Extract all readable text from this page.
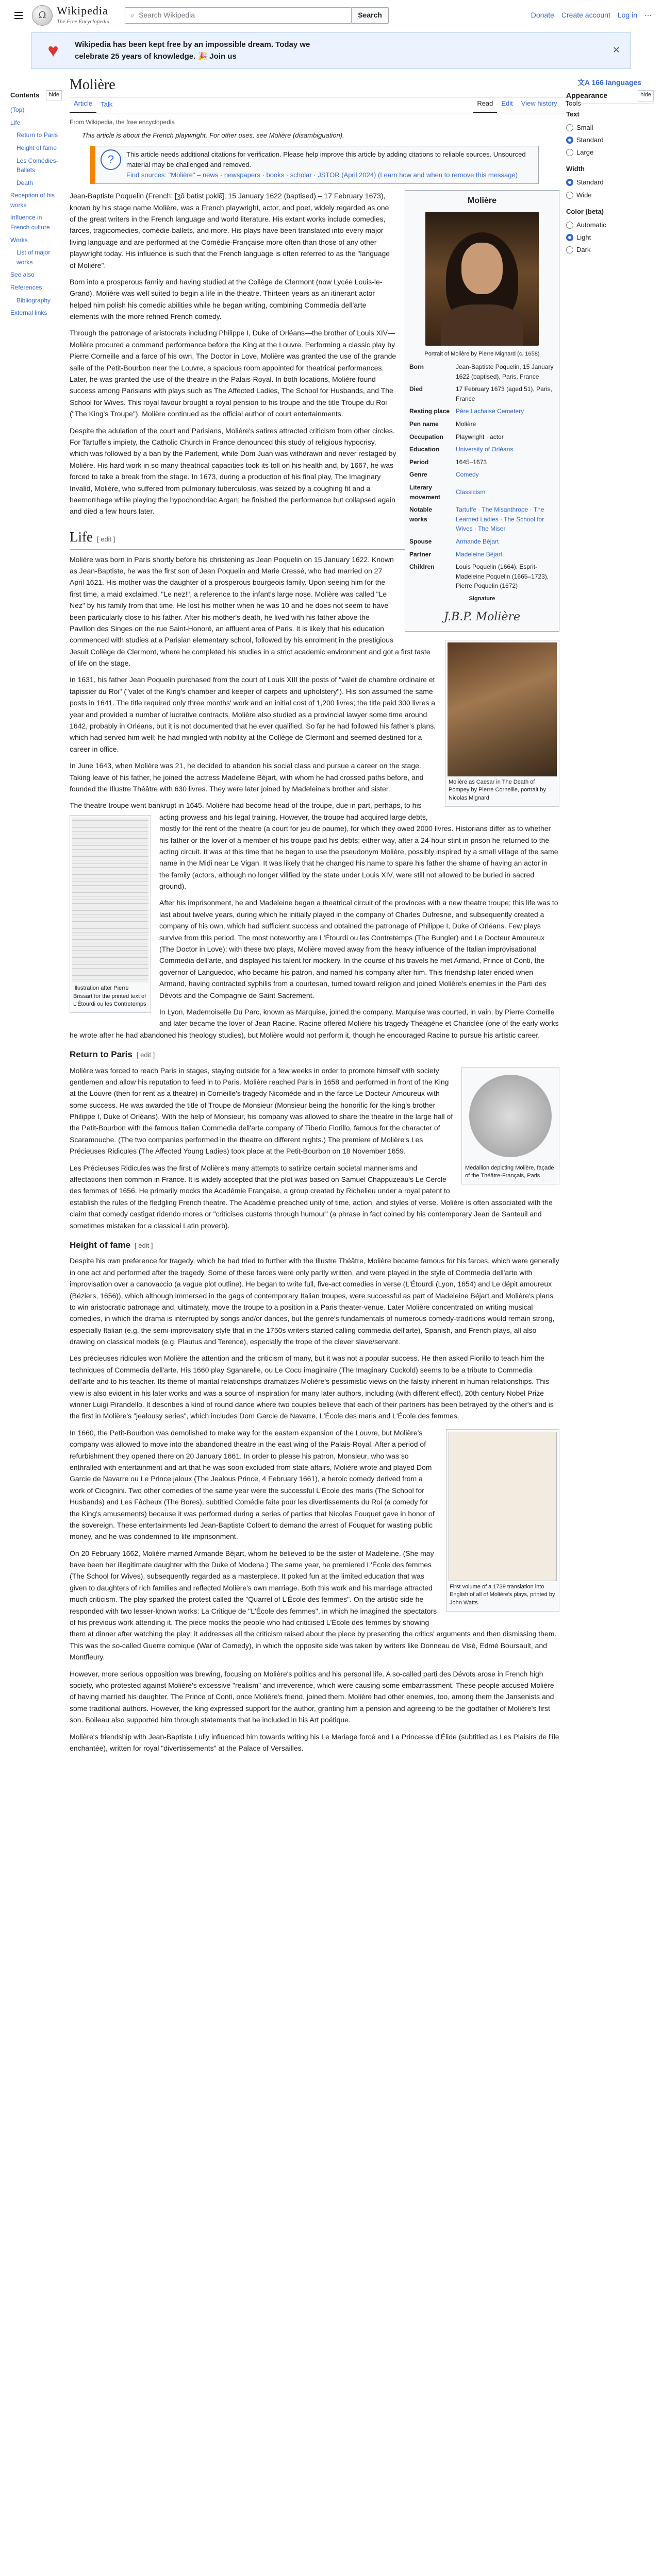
Ω Wikipedia
The Free Encyclopedia
⌕ Search Wikipedia	Search	Donate Create account Log in ⋯
♥	Wikipedia has been kept free by an impossible dream. Today we
celebrate 25 years of knowledge. 🎉 Join us
✕
Contents	hide
(Top)
Life
Return to Paris
Height of fame
Les Comédies-Ballets
Death
Reception of his works
Influence in French culture
Works
List of major works
See also
References
Bibliography
External links
Molière	文A 166 languages
Article	Talk	Read	Edit	View history	Tools
Appearance	hide
Text
Small
Standard
Large
Width
Standard
Wide
Color (beta)
Automatic
Light
Dark
From Wikipedia, the free encyclopedia
This article is about the French playwright. For other uses, see Molière (disambiguation).
?	This article needs additional citations for verification. Please help improve this article by adding citations to reliable sources. Unsourced material may be challenged and removed.
Find sources: "Molière" – news · newspapers · books · scholar · JSTOR (April 2024) (Learn how and when to remove this message)
Molière
Portrait of Molière by Pierre Mignard (c. 1658)
Born	Jean-Baptiste Poquelin, 15 January 1622 (baptised), Paris, France
Died	17 February 1673 (aged 51), Paris, France
Resting place	Père Lachaise Cemetery
Pen name	Molière
Occupation	Playwright · actor
Education	University of Orléans
Period	1645–1673
Genre	Comedy
Literary movement	Classicism
Notable works	Tartuffe · The Misanthrope · The Learned Ladies · The School for Wives · The Miser
Spouse	Armande Béjart
Partner	Madeleine Béjart
Children	Louis Poquelin (1664), Esprit-Madeleine Poquelin (1665–1723), Pierre Poquelin (1672)
Signature
J.B.P. Molière

Jean-Baptiste Poquelin (French: [ʒɑ̃ batist pɔklɛ̃]; 15 January 1622 (baptised) – 17 February 1673), known by his stage name Molière, was a French playwright, actor, and poet, widely regarded as one of the great writers in the French language and world literature. His extant works include comedies, farces, tragicomedies, comédie-ballets, and more. His plays have been translated into every major living language and are performed at the Comédie-Française more often than those of any other playwright today. His influence is such that the French language is often referred to as the "language of Molière".

Born into a prosperous family and having studied at the Collège de Clermont (now Lycée Louis-le-Grand), Molière was well suited to begin a life in the theatre. Thirteen years as an itinerant actor helped him polish his comedic abilities while he began writing, combining Commedia dell'arte elements with the more refined French comedy.

Through the patronage of aristocrats including Philippe I, Duke of Orléans—the brother of Louis XIV—Molière procured a command performance before the King at the Louvre. Performing a classic play by Pierre Corneille and a farce of his own, The Doctor in Love, Molière was granted the use of the grande salle of the Petit-Bourbon near the Louvre, a spacious room appointed for theatrical performances. Later, he was granted the use of the theatre in the Palais-Royal. In both locations, Molière found success among Parisians with plays such as The Affected Ladies, The School for Husbands, and The School for Wives. This royal favour brought a royal pension to his troupe and the title Troupe du Roi ("The King's Troupe"). Molière continued as the official author of court entertainments.

Despite the adulation of the court and Parisians, Molière's satires attracted criticism from other circles. For Tartuffe's impiety, the Catholic Church in France denounced this study of religious hypocrisy, which was followed by a ban by the Parlement, while Dom Juan was withdrawn and never restaged by Molière. His hard work in so many theatrical capacities took its toll on his health and, by 1667, he was forced to take a break from the stage. In 1673, during a production of his final play, The Imaginary Invalid, Molière, who suffered from pulmonary tuberculosis, was seized by a coughing fit and a haemorrhage while playing the hypochondriac Argan; he finished the performance but collapsed again and died a few hours later.

Life [ edit ]
Molière as Caesar in The Death of Pompey by Pierre Corneille, portrait by Nicolas Mignard

Molière was born in Paris shortly before his christening as Jean Poquelin on 15 January 1622. Known as Jean-Baptiste, he was the first son of Jean Poquelin and Marie Cressé, who had married on 27 April 1621. His mother was the daughter of a prosperous bourgeois family. Upon seeing him for the first time, a maid exclaimed, "Le nez!", a reference to the infant's large nose. Molière was called "Le Nez" by his family from that time. He lost his mother when he was 10 and he does not seem to have been particularly close to his father. After his mother's death, he lived with his father above the Pavillon des Singes on the rue Saint-Honoré, an affluent area of Paris. It is likely that his education commenced with studies at a Parisian elementary school, followed by his enrolment in the prestigious Jesuit Collège de Clermont, where he completed his studies in a strict academic environment and got a first taste of life on the stage.

In 1631, his father Jean Poquelin purchased from the court of Louis XIII the posts of "valet de chambre ordinaire et tapissier du Roi" ("valet of the King's chamber and keeper of carpets and upholstery"). His son assumed the same posts in 1641. The title required only three months' work and an initial cost of 1,200 livres; the title paid 300 livres a year and provided a number of lucrative contracts. Molière also studied as a provincial lawyer some time around 1642, probably in Orléans, but it is not documented that he ever qualified. So far he had followed his father's plans, which had served him well; he had mingled with nobility at the Collège de Clermont and seemed destined for a career in office.

In June 1643, when Molière was 21, he decided to abandon his social class and pursue a career on the stage. Taking leave of his father, he joined the actress Madeleine Béjart, with whom he had crossed paths before, and founded the Illustre Théâtre with 630 livres. They were later joined by Madeleine's brother and sister.

Illustration after Pierre Brissart for the printed text of L'Étourdi ou les Contretemps

The theatre troupe went bankrupt in 1645. Molière had become head of the troupe, due in part, perhaps, to his acting prowess and his legal training. However, the troupe had acquired large debts, mostly for the rent of the theatre (a court for jeu de paume), for which they owed 2000 livres. Historians differ as to whether his father or the lover of a member of his troupe paid his debts; either way, after a 24-hour stint in prison he returned to the acting circuit. It was at this time that he began to use the pseudonym Molière, possibly inspired by a small village of the same name in the Midi near Le Vigan. It was likely that he changed his name to spare his father the shame of having an actor in the family (actors, although no longer vilified by the state under Louis XIV, were still not allowed to be buried in sacred ground).

After his imprisonment, he and Madeleine began a theatrical circuit of the provinces with a new theatre troupe; this life was to last about twelve years, during which he initially played in the company of Charles Dufresne, and subsequently created a company of his own, which had sufficient success and obtained the patronage of Philippe I, Duke of Orléans. Few plays survive from this period. The most noteworthy are L'Étourdi ou les Contretemps (The Bungler) and Le Docteur Amoureux (The Doctor in Love); with these two plays, Molière moved away from the heavy influence of the Italian improvisational Commedia dell'arte, and displayed his talent for mockery. In the course of his travels he met Armand, Prince of Conti, the governor of Languedoc, who became his patron, and named his company after him. This friendship later ended when Armand, having contracted syphilis from a courtesan, turned toward religion and joined Molière's enemies in the Parti des Dévots and the Compagnie de Saint Sacrement.

In Lyon, Mademoiselle Du Parc, known as Marquise, joined the company. Marquise was courted, in vain, by Pierre Corneille and later became the lover of Jean Racine. Racine offered Molière his tragedy Théagène et Chariclée (one of the early works he wrote after he had abandoned his theology studies), but Molière would not perform it, though he encouraged Racine to pursue his artistic career.

Return to Paris [ edit ]
Medallion depicting Molière, façade of the Théâtre-Français, Paris

Molière was forced to reach Paris in stages, staying outside for a few weeks in order to promote himself with society gentlemen and allow his reputation to feed in to Paris. Molière reached Paris in 1658 and performed in front of the King at the Louvre (then for rent as a theatre) in Corneille's tragedy Nicomède and in the farce Le Docteur Amoureux with some success. He was awarded the title of Troupe de Monsieur (Monsieur being the honorific for the king's brother Philippe I, Duke of Orléans). With the help of Monsieur, his company was allowed to share the theatre in the large hall of the Petit-Bourbon with the famous Italian Commedia dell'arte company of Tiberio Fiorillo, famous for the character of Scaramouche. (The two companies performed in the theatre on different nights.) The premiere of Molière's Les Précieuses Ridicules (The Affected Young Ladies) took place at the Petit-Bourbon on 18 November 1659.

Les Précieuses Ridicules was the first of Molière's many attempts to satirize certain societal mannerisms and affectations then common in France. It is widely accepted that the plot was based on Samuel Chappuzeau's Le Cercle des femmes of 1656. He primarily mocks the Académie Française, a group created by Richelieu under a royal patent to establish the rules of the fledgling French theatre. The Académie preached unity of time, action, and styles of verse. Molière is often associated with the claim that comedy castigat ridendo mores or "criticises customs through humour" (a phrase in fact coined by his contemporary Jean de Santeuil and sometimes mistaken for a classical Latin proverb).

Height of fame [ edit ]

Despite his own preference for tragedy, which he had tried to further with the Illustre Théâtre, Molière became famous for his farces, which were generally in one act and performed after the tragedy. Some of these farces were only partly written, and were played in the style of Commedia dell'arte with improvisation over a canovaccio (a vague plot outline). He began to write full, five-act comedies in verse (L'Étourdi (Lyon, 1654) and Le dépit amoureux (Béziers, 1656)), which although immersed in the gags of contemporary Italian troupes, were successful as part of Madeleine Béjart and Molière's plans to win aristocratic patronage and, ultimately, move the troupe to a position in a Paris theater-venue. Later Molière concentrated on writing musical comedies, in which the drama is interrupted by songs and/or dances, but the genre's fundamentals of numerous comedy-traditions would remain strong, especially Italian (e.g. the semi-improvisatory style that in the 1750s writers started calling commedia dell'arte), Spanish, and French plays, all also drawing on classical models (e.g. Plautus and Terence), especially the trope of the clever slave/servant.

Les précieuses ridicules won Molière the attention and the criticism of many, but it was not a popular success. He then asked Fiorillo to teach him the techniques of Commedia dell'arte. His 1660 play Sganarelle, ou Le Cocu imaginaire (The Imaginary Cuckold) seems to be a tribute to Commedia dell'arte and to his teacher. Its theme of marital relationships dramatizes Molière's pessimistic views on the falsity inherent in human relationships. This view is also evident in his later works and was a source of inspiration for many later authors, including (with different effect), 20th century Nobel Prize winner Luigi Pirandello. It describes a kind of round dance where two couples believe that each of their partners has been betrayed by the other's and is the first in Molière's "jealousy series", which includes Dom Garcie de Navarre, L'École des maris and L'École des femmes.

First volume of a 1739 translation into English of all of Molière's plays, printed by John Watts.

In 1660, the Petit-Bourbon was demolished to make way for the eastern expansion of the Louvre, but Molière's company was allowed to move into the abandoned theatre in the east wing of the Palais-Royal. After a period of refurbishment they opened there on 20 January 1661. In order to please his patron, Monsieur, who was so enthralled with entertainment and art that he was soon excluded from state affairs, Molière wrote and played Dom Garcie de Navarre ou Le Prince jaloux (The Jealous Prince, 4 February 1661), a heroic comedy derived from a work of Cicognini. Two other comedies of the same year were the successful L'École des maris (The School for Husbands) and Les Fâcheux (The Bores), subtitled Comédie faite pour les divertissements du Roi (a comedy for the King's amusements) because it was performed during a series of parties that Nicolas Fouquet gave in honor of the sovereign. These entertainments led Jean-Baptiste Colbert to demand the arrest of Fouquet for wasting public money, and he was condemned to life imprisonment.

On 20 February 1662, Molière married Armande Béjart, whom he believed to be the sister of Madeleine. (She may have been her illegitimate daughter with the Duke of Modena.) The same year, he premiered L'École des femmes (The School for Wives), subsequently regarded as a masterpiece. It poked fun at the limited education that was given to daughters of rich families and reflected Molière's own marriage. Both this work and his marriage attracted much criticism. The play sparked the protest called the "Quarrel of L'École des femmes". On the artistic side he responded with two lesser-known works: La Critique de "L'École des femmes", in which he imagined the spectators of his previous work attending it. The piece mocks the people who had criticised L'École des femmes by showing them at dinner after watching the play; it addresses all the criticism raised about the piece by presenting the critics' arguments and then dismissing them. This was the so-called Guerre comique (War of Comedy), in which the opposite side was taken by writers like Donneau de Visé, Edmé Boursault, and Montfleury.

However, more serious opposition was brewing, focusing on Molière's politics and his personal life. A so-called parti des Dévots arose in French high society, who protested against Molière's excessive "realism" and irreverence, which were causing some embarrassment. These people accused Molière of having married his daughter. The Prince of Conti, once Molière's friend, joined them. Molière had other enemies, too, among them the Jansenists and some traditional authors. However, the king expressed support for the author, granting him a pension and agreeing to be the godfather of Molière's first son. Boileau also supported him through statements that he included in his Art poétique.

Molière's friendship with Jean-Baptiste Lully influenced him towards writing his Le Mariage forcé and La Princesse d'Élide (subtitled as Les Plaisirs de l'île enchantée), written for royal "divertissements" at the Palace of Versailles.
